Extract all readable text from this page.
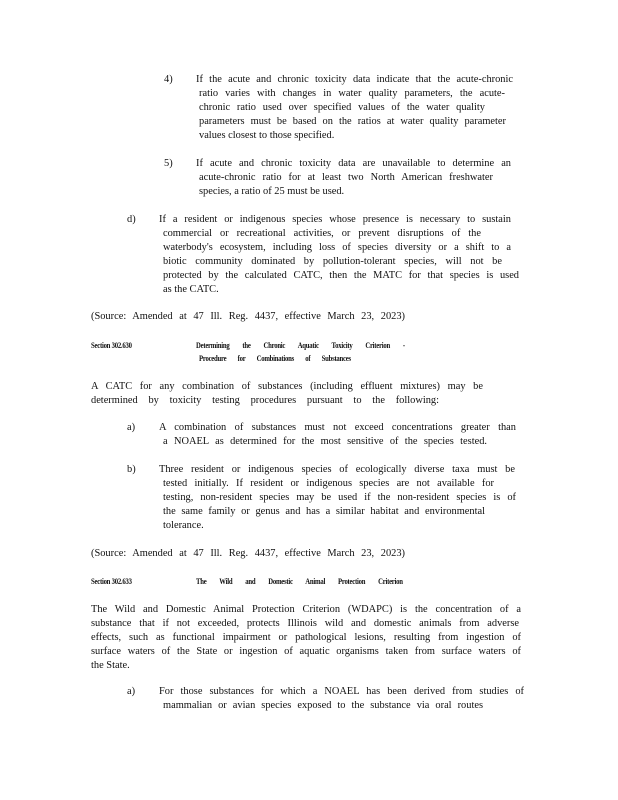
4) If the acute and chronic toxicity data indicate that the acute-chronic
ratio varies with changes in water quality parameters, the acute-
chronic ratio used over specified values of the water quality
parameters must be based on the ratios at water quality parameter
values closest to those specified.
5) If acute and chronic toxicity data are unavailable to determine an
acute-chronic ratio for at least two North American freshwater
species, a ratio of 25 must be used.
d) If a resident or indigenous species whose presence is necessary to sustain
commercial or recreational activities, or prevent disruptions of the
waterbody's ecosystem, including loss of species diversity or a shift to a
biotic community dominated by pollution-tolerant species, will not be
protected by the calculated CATC, then the MATC for that species is used
as the CATC.
(Source: Amended at 47 Ill. Reg. 4437, effective March 23, 2023)
Section 302.630	Determining the Chronic Aquatic Toxicity Criterion -
Procedure for Combinations of Substances
A CATC for any combination of substances (including effluent mixtures) may be
determined by toxicity testing procedures pursuant to the following:
a) A combination of substances must not exceed concentrations greater than
a NOAEL as determined for the most sensitive of the species tested.
b) Three resident or indigenous species of ecologically diverse taxa must be
tested initially. If resident or indigenous species are not available for
testing, non-resident species may be used if the non-resident species is of
the same family or genus and has a similar habitat and environmental
tolerance.
(Source: Amended at 47 Ill. Reg. 4437, effective March 23, 2023)
Section 302.633	The Wild and Domestic Animal Protection Criterion
The Wild and Domestic Animal Protection Criterion (WDAPC) is the concentration of a
substance that if not exceeded, protects Illinois wild and domestic animals from adverse
effects, such as functional impairment or pathological lesions, resulting from ingestion of
surface waters of the State or ingestion of aquatic organisms taken from surface waters of
the State.
a) For those substances for which a NOAEL has been derived from studies of
mammalian or avian species exposed to the substance via oral routes
